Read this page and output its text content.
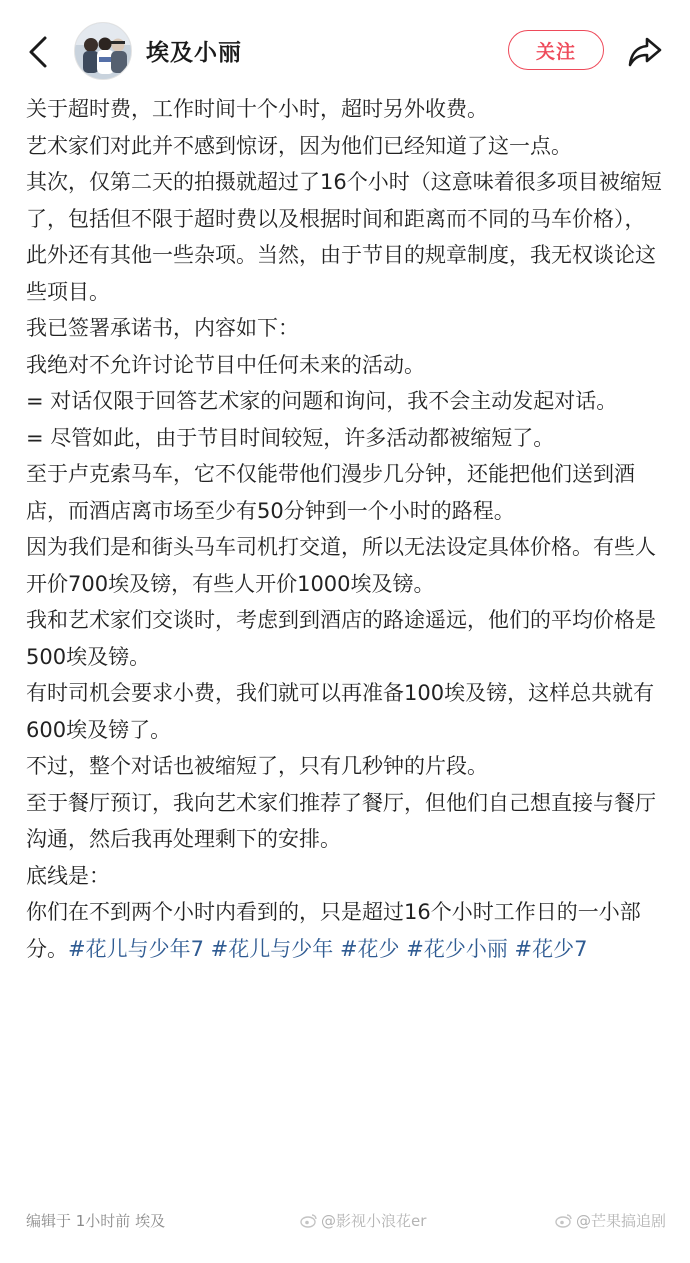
埃及小丽	关注

关于超时费，工作时间十个小时，超时另外收费。

艺术家们对此并不感到惊讶，因为他们已经知道了这一点。

其次，仅第二天的拍摄就超过了16个小时（这意味着很多项目被缩短了，包括但不限于超时费以及根据时间和距离而不同的马车价格），此外还有其他一些杂项。当然，由于节目的规章制度，我无权谈论这些项目。

我已签署承诺书，内容如下：

我绝对不允许讨论节目中任何未来的活动。

= 对话仅限于回答艺术家的问题和询问，我不会主动发起对话。

= 尽管如此，由于节目时间较短，许多活动都被缩短了。

至于卢克索马车，它不仅能带他们漫步几分钟，还能把他们送到酒店，而酒店离市场至少有50分钟到一个小时的路程。

因为我们是和街头马车司机打交道，所以无法设定具体价格。有些人开价700埃及镑，有些人开价1000埃及镑。

我和艺术家们交谈时，考虑到到酒店的路途遥远，他们的平均价格是500埃及镑。

有时司机会要求小费，我们就可以再准备100埃及镑，这样总共就有600埃及镑了。

不过，整个对话也被缩短了，只有几秒钟的片段。

至于餐厅预订，我向艺术家们推荐了餐厅，但他们自己想直接与餐厅沟通，然后我再处理剩下的安排。

底线是：

你们在不到两个小时内看到的，只是超过16个小时工作日的一小部分。#花儿与少年7 #花儿与少年 #花少 #花少小丽 #花少7

编辑于 1小时前 埃及	@影视小浪花er	@芒果搞追剧
